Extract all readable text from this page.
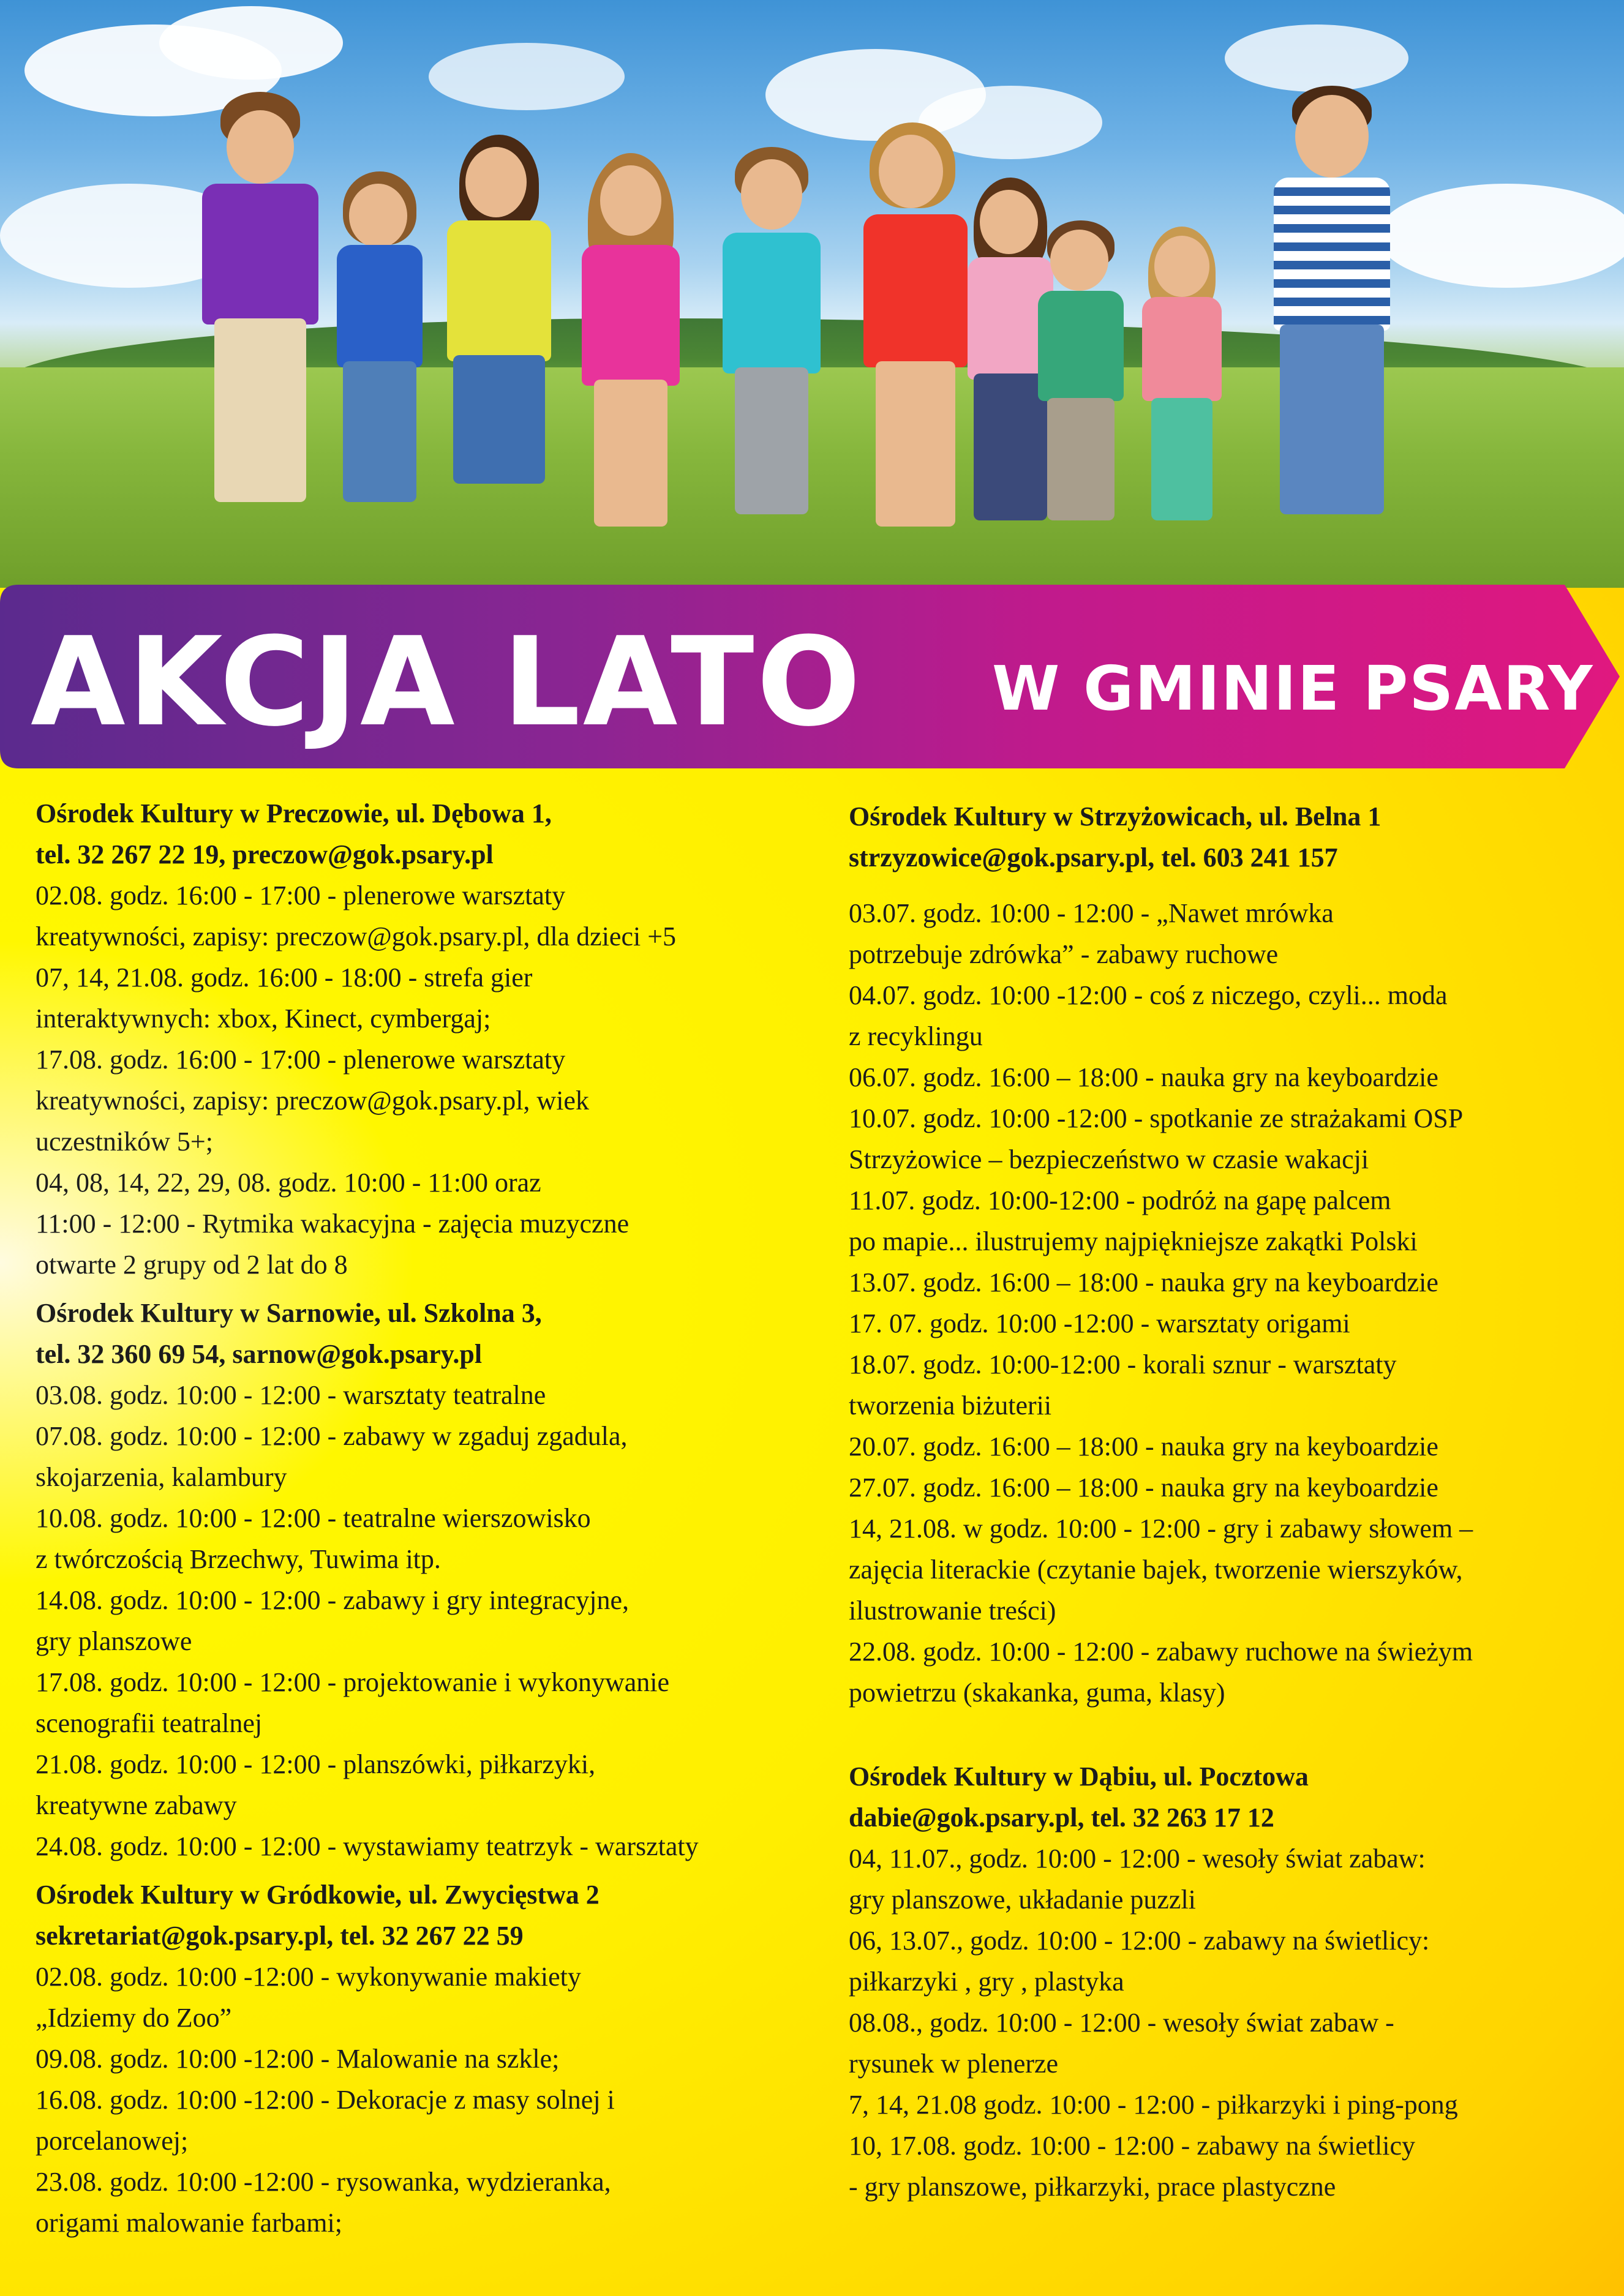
AKCJA LATO W GMINIE PSARY
Ośrodek Kultury w Preczowie, ul. Dębowa 1,
tel. 32 267 22 19, preczow@gok.psary.pl
02.08. godz. 16:00 - 17:00 - plenerowe warsztaty
kreatywności, zapisy: preczow@gok.psary.pl, dla dzieci +5
07, 14, 21.08. godz. 16:00 - 18:00 - strefa gier
interaktywnych: xbox, Kinect, cymbergaj;
17.08. godz. 16:00 - 17:00 - plenerowe warsztaty
kreatywności, zapisy: preczow@gok.psary.pl, wiek
uczestników 5+;
04, 08, 14, 22, 29, 08. godz. 10:00 - 11:00 oraz
11:00 - 12:00 - Rytmika wakacyjna - zajęcia muzyczne
otwarte 2 grupy od 2 lat do 8
Ośrodek Kultury w Sarnowie, ul. Szkolna 3,
tel. 32 360 69 54, sarnow@gok.psary.pl
03.08. godz. 10:00 - 12:00 - warsztaty teatralne
07.08. godz. 10:00 - 12:00 - zabawy w zgaduj zgadula,
skojarzenia, kalambury
10.08. godz. 10:00 - 12:00 - teatralne wierszowisko
z twórczością Brzechwy, Tuwima itp.
14.08. godz. 10:00 - 12:00 - zabawy i gry integracyjne,
gry planszowe
17.08. godz. 10:00 - 12:00 - projektowanie i wykonywanie
scenografii teatralnej
21.08. godz. 10:00 - 12:00 - planszówki, piłkarzyki,
kreatywne zabawy
24.08. godz. 10:00 - 12:00 - wystawiamy teatrzyk - warsztaty
Ośrodek Kultury w Gródkowie, ul. Zwycięstwa 2
sekretariat@gok.psary.pl, tel. 32 267 22 59
02.08. godz. 10:00 -12:00 - wykonywanie makiety
„Idziemy do Zoo”
09.08. godz. 10:00 -12:00 - Malowanie na szkle;
16.08. godz. 10:00 -12:00 - Dekoracje z masy solnej i
porcelanowej;
23.08. godz. 10:00 -12:00 - rysowanka, wydzieranka,
origami malowanie farbami;
Ośrodek Kultury w Strzyżowicach, ul. Belna 1
strzyzowice@gok.psary.pl, tel. 603 241 157
03.07. godz. 10:00 - 12:00 - „Nawet mrówka
potrzebuje zdrówka” - zabawy ruchowe
04.07. godz. 10:00 -12:00 - coś z niczego, czyli... moda
z recyklingu
06.07. godz. 16:00 – 18:00 - nauka gry na keyboardzie
10.07. godz. 10:00 -12:00 - spotkanie ze strażakami OSP
Strzyżowice – bezpieczeństwo w czasie wakacji
11.07. godz. 10:00-12:00 - podróż na gapę palcem
po mapie... ilustrujemy najpiękniejsze zakątki Polski
13.07. godz. 16:00 – 18:00 - nauka gry na keyboardzie
17. 07. godz. 10:00 -12:00 - warsztaty origami
18.07. godz. 10:00-12:00 - korali sznur - warsztaty
tworzenia biżuterii
20.07. godz. 16:00 – 18:00 - nauka gry na keyboardzie
27.07. godz. 16:00 – 18:00 - nauka gry na keyboardzie
14, 21.08. w godz. 10:00 - 12:00 - gry i zabawy słowem –
zajęcia literackie (czytanie bajek, tworzenie wierszyków,
ilustrowanie treści)
22.08. godz. 10:00 - 12:00 - zabawy ruchowe na świeżym
powietrzu (skakanka, guma, klasy)
Ośrodek Kultury w Dąbiu, ul. Pocztowa
dabie@gok.psary.pl, tel. 32 263 17 12
04, 11.07., godz. 10:00 - 12:00 - wesoły świat zabaw:
gry planszowe, układanie puzzli
06, 13.07., godz. 10:00 - 12:00 - zabawy na świetlicy:
piłkarzyki , gry , plastyka
08.08., godz. 10:00 - 12:00 - wesoły świat zabaw -
rysunek w plenerze
7, 14, 21.08 godz. 10:00 - 12:00 - piłkarzyki i ping-pong
10, 17.08. godz. 10:00 - 12:00 - zabawy na świetlicy
- gry planszowe, piłkarzyki, prace plastyczne
